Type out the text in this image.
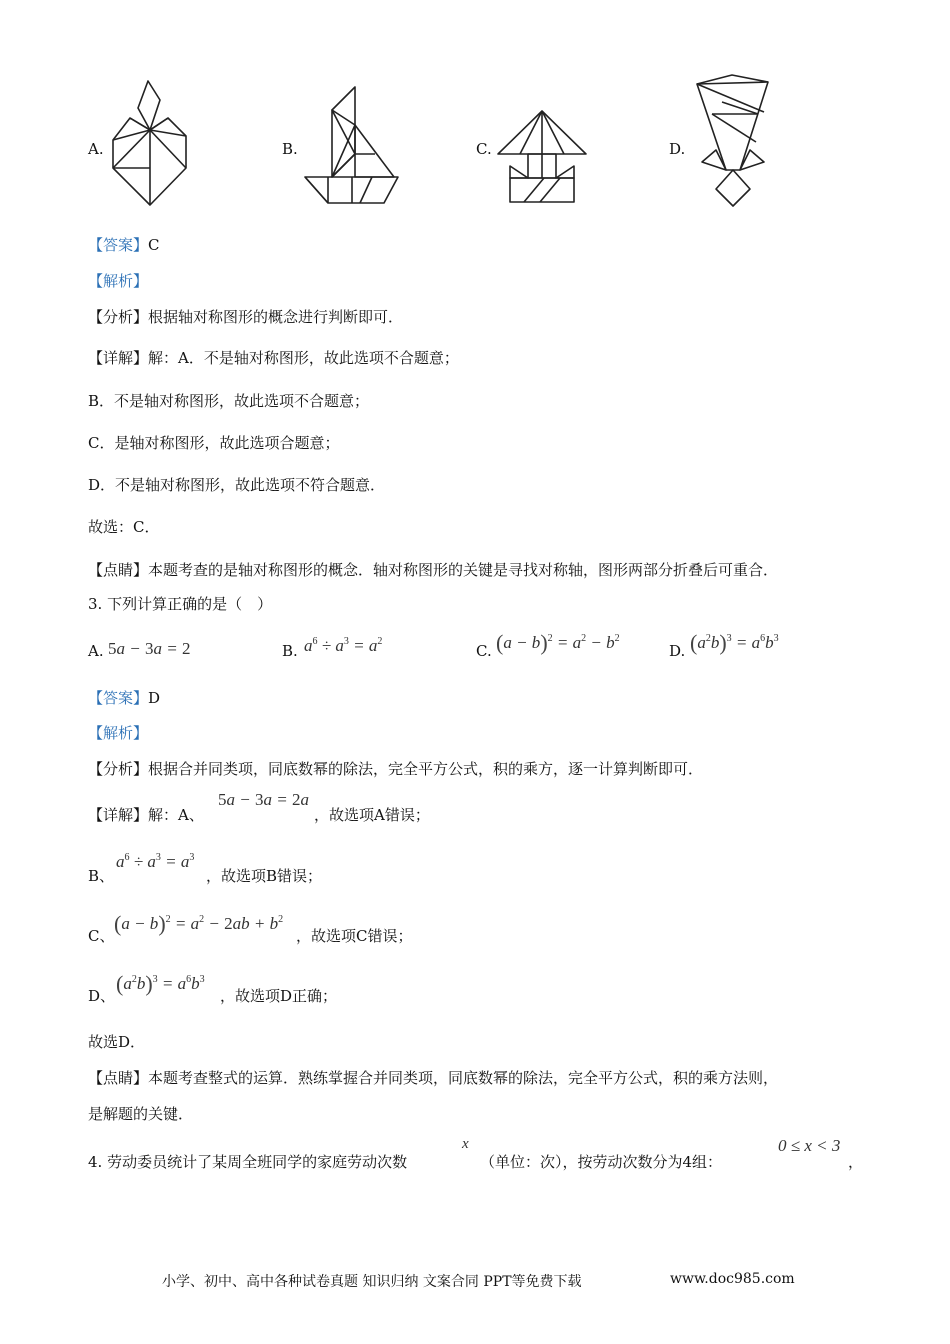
A.	B.	C.	D.
【答案】C
【解析】
【分析】根据轴对称图形的概念进行判断即可．
【详解】解：A．不是轴对称图形，故此选项不合题意；
B．不是轴对称图形，故此选项不合题意；
C．是轴对称图形，故此选项合题意；
D．不是轴对称图形，故此选项不符合题意．
故选：C．
【点睛】本题考查的是轴对称图形的概念．轴对称图形的关键是寻找对称轴，图形两部分折叠后可重合．
3. 下列计算正确的是（　）
A. 5a − 3a = 2	B. $a^6 \div a^3 = a^2$
C. $(a - b)^2 = a^2 - b^2$
D. $(a^2b)^3 = a^6b^3$
【答案】D
【解析】
【分析】根据合并同类项，同底数幂的除法，完全平方公式，积的乘方，逐一计算判断即可．
【详解】解：A、
5a − 3a = 2a
，故选项A错误；
B、
$a^6 \div a^3 = a^3$
，故选项B错误；
C、 $(a - b)^2 = a^2 - 2ab + b^2$
，故选项C错误；
D、 $(a^2b)^3 = a^6b^3$
，故选项D正确；
故选D．
【点睛】本题考查整式的运算．熟练掌握合并同类项，同底数幂的除法，完全平方公式，积的乘方法则，
是解题的关键．
4. 劳动委员统计了某周全班同学的家庭劳动次数
x
（单位：次），按劳动次数分为4组：
0 ≤ x < 3
，
小学、初中、高中各种试卷真题 知识归纳 文案合同 PPT等免费下载	www.doc985.com
